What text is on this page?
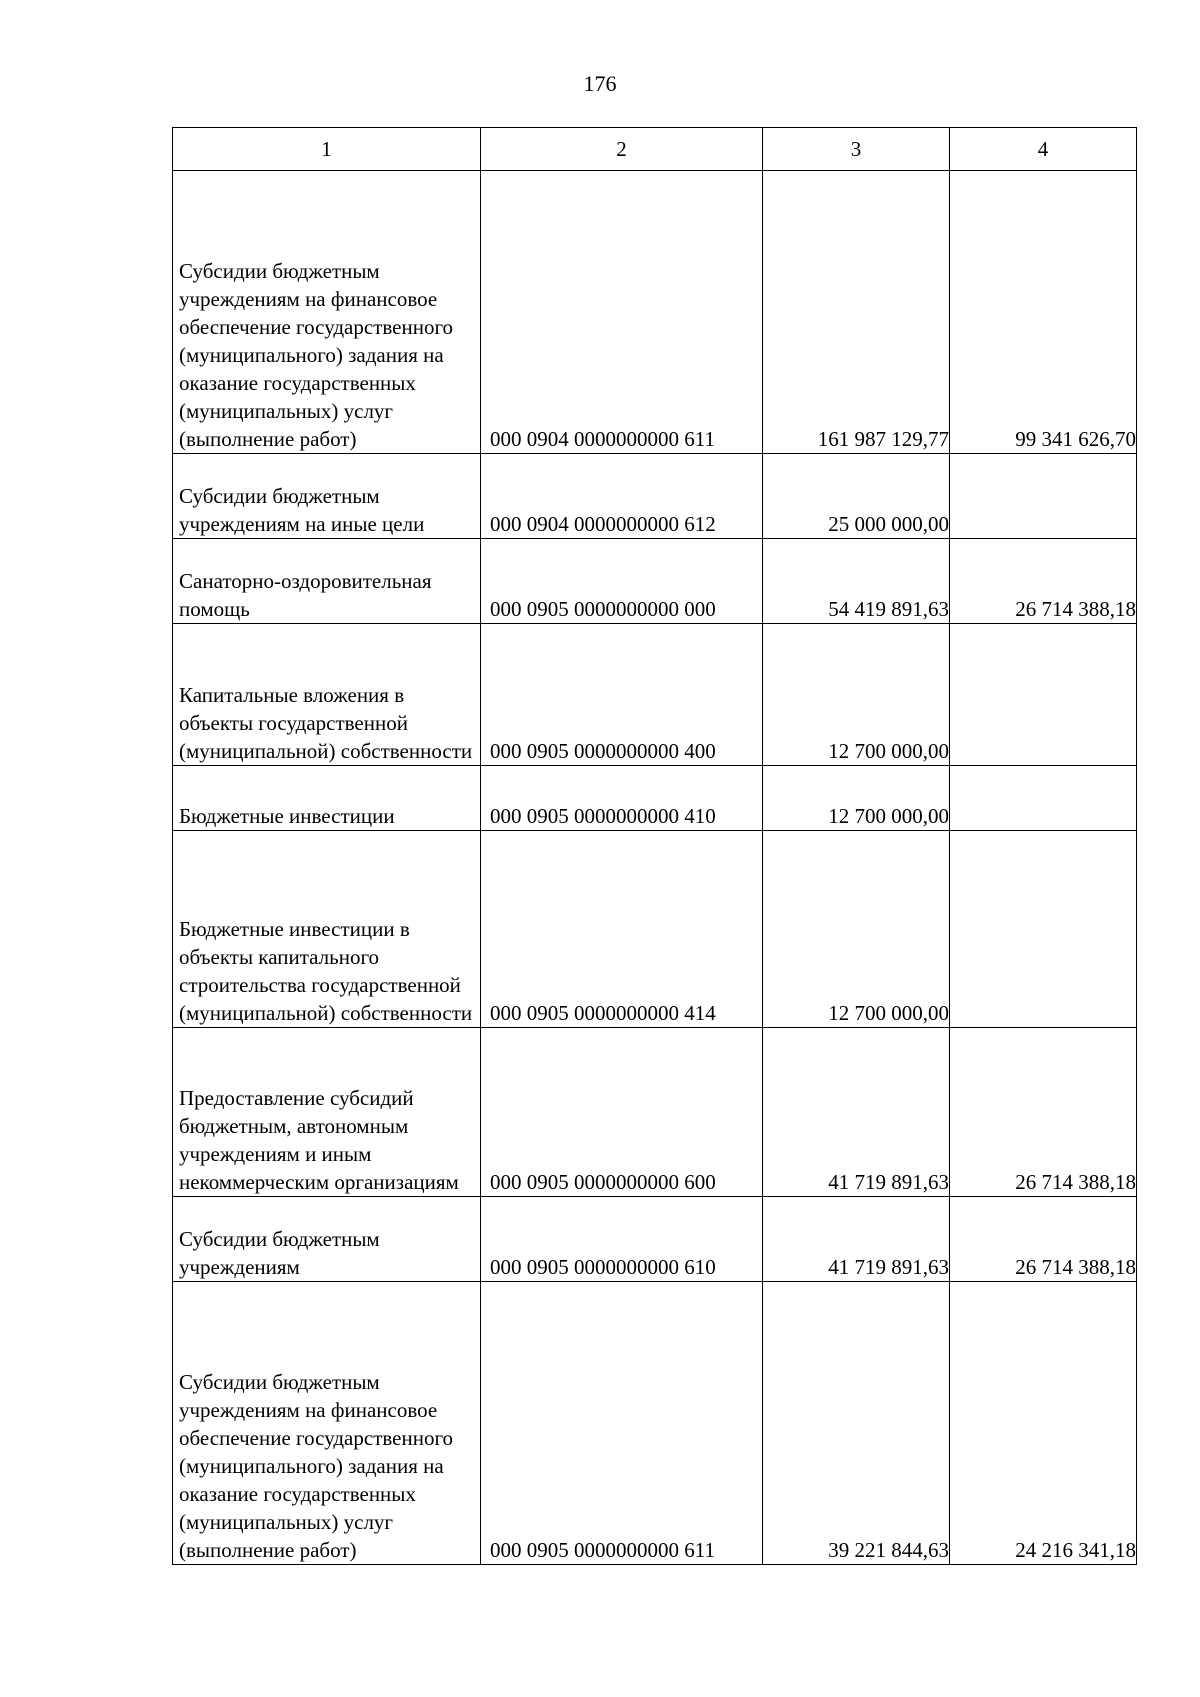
176
1	2	3	4

Субсидии бюджетным учреждениям на финансовое обеспечение государственного (муниципального) задания на оказание государственных (муниципальных) услуг (выполнение работ)	000 0904 0000000000 611	161 987 129,77	99 341 626,70

Субсидии бюджетным учреждениям на иные цели	000 0904 0000000000 612	25 000 000,00	

Санаторно-оздоровительная помощь	000 0905 0000000000 000	54 419 891,63	26 714 388,18

Капитальные вложения в объекты государственной (муниципальной) собственности	000 0905 0000000000 400	12 700 000,00	

Бюджетные инвестиции	000 0905 0000000000 410	12 700 000,00	

Бюджетные инвестиции в объекты капитального строительства государственной (муниципальной) собственности	000 0905 0000000000 414	12 700 000,00	

Предоставление субсидий бюджетным, автономным учреждениям и иным некоммерческим организациям	000 0905 0000000000 600	41 719 891,63	26 714 388,18

Субсидии бюджетным учреждениям	000 0905 0000000000 610	41 719 891,63	26 714 388,18

Субсидии бюджетным учреждениям на финансовое обеспечение государственного (муниципального) задания на оказание государственных (муниципальных) услуг (выполнение работ)	000 0905 0000000000 611	39 221 844,63	24 216 341,18
